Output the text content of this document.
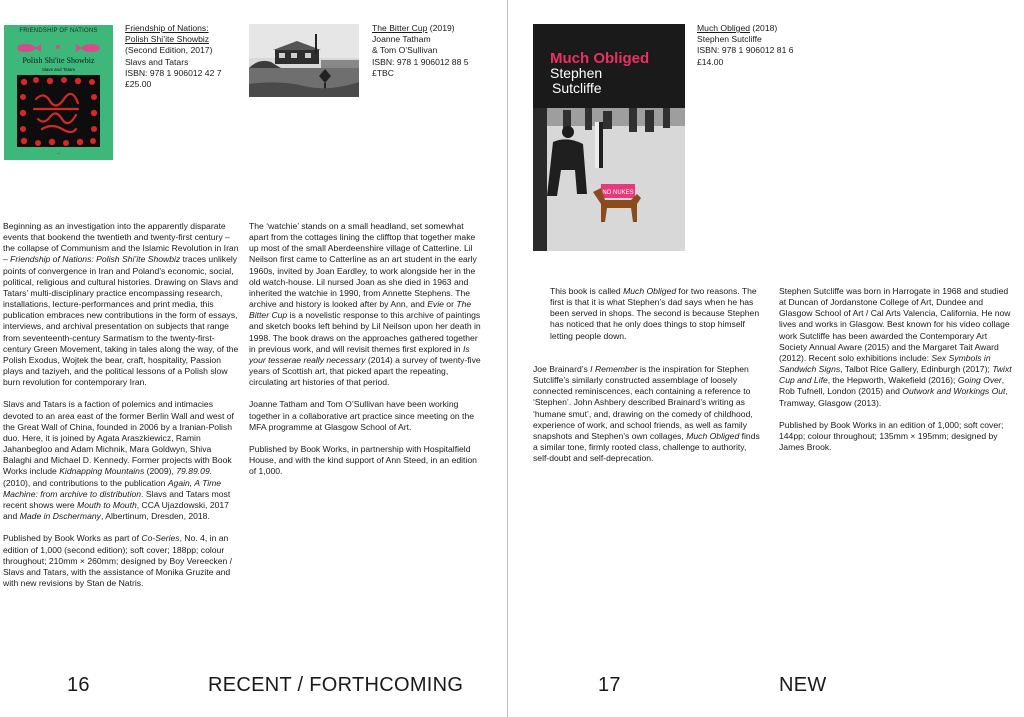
FRIENDSHIP OF NATIONS
Polish Shi'ite Showbiz
Slavs and Tatars
—
Friendship of Nations:
Polish Shi’ite Showbiz
(Second Edition, 2017)
Slavs and Tatars
ISBN: 978 1 906012 42 7
£25.00
The Bitter Cup (2019)
Joanne Tatham
& Tom O’Sullivan
ISBN: 978 1 906012 88 5
£TBC
Much Obliged
Stephen
Sutcliffe
NO NUKES
Much Obliged (2018)
Stephen Sutcliffe
ISBN: 978 1 906012 81 6
£14.00

Beginning as an investigation into the apparently disparate events that bookend the twentieth and twenty-first century – the collapse of Communism and the Islamic Revolution in Iran – Friendship of Nations: Polish Shi’ite Showbiz traces unlikely points of convergence in Iran and Poland’s economic, social, political, religious and cultural histories. Drawing on Slavs and Tatars’ multi-disciplinary practice encompassing research, installations, lecture-performances and print media, this publication embraces new contributions in the form of essays, interviews, and archival presentation on subjects that range from seventeenth-century Sarmatism to the twenty-first-century Green Movement, taking in tales along the way, of the Polish Exodus, Wojtek the bear, craft, hospitality, Passion plays and taziyeh, and the political lessons of a Polish slow burn revolution for contemporary Iran.

Slavs and Tatars is a faction of polemics and intimacies devoted to an area east of the former Berlin Wall and west of the Great Wall of China, founded in 2006 by a Iranian-Polish duo. Here, it is joined by Agata Araszkiewicz, Ramin Jahanbegloo and Adam Michnik, Mara Goldwyn, Shiva Balaghi and Michael D. Kennedy. Former projects with Book Works include Kidnapping Mountains (2009), 79.89.09. (2010), and contributions to the publication Again, A Time Machine: from archive to distribution. Slavs and Tatars most recent shows were Mouth to Mouth, CCA Ujazdowski, 2017 and Made in Dschermany, Albertinum, Dresden, 2018.

Published by Book Works as part of Co-Series, No. 4, in an edition of 1,000 (second edition); soft cover; 188pp; colour throughout; 210mm × 260mm; designed by Boy Vereecken / Slavs and Tatars, with the assistance of Monika Gruzite and with new revisions by Stan de Natris.

The ‘watchie’ stands on a small headland, set somewhat apart from the cottages lining the clifftop that together make up most of the small Aberdeenshire village of Catterline. Lil Neilson first came to Catterline as an art student in the early 1960s, invited by Joan Eardley, to work alongside her in the old watch-house. Lil nursed Joan as she died in 1963 and inherited the watchie in 1990, from Annette Stephens. The archive and history is looked after by Ann, and Evie or The Bitter Cup is a novelistic response to this archive of paintings and sketch books left behind by Lil Neilson upon her death in 1998. The book draws on the approaches gathered together in previous work, and will revisit themes first explored in Is your tesserae really necessary (2014) a survey of twenty-five years of Scottish art, that picked apart the repeating, circulating art histories of that period.

Joanne Tatham and Tom O’Sullivan have been working together in a collaborative art practice since meeting on the MFA programme at Glasgow School of Art.

Published by Book Works, in partnership with Hospitalfield House, and with the kind support of Ann Steed, in an edition of 1,000.

This book is called Much Obliged for two reasons. The first is that it is what Stephen’s dad says when he has been served in shops. The second is because Stephen has noticed that he only does things to stop himself letting people down.

Joe Brainard’s I Remember is the inspiration for Stephen Sutcliffe’s similarly constructed assemblage of loosely connected reminiscences, each containing a reference to ‘Stephen’. John Ashbery described Brainard’s writing as ‘humane smut’, and, drawing on the comedy of childhood, experience of work, and school friends, as well as family snapshots and Stephen’s own collages, Much Obliged finds a similar tone, firmly rooted class, challenge to authority, self-doubt and self-deprecation.

Stephen Sutcliffe was born in Harrogate in 1968 and studied at Duncan of Jordanstone College of Art, Dundee and Glasgow School of Art / Cal Arts Valencia, California. He now lives and works in Glasgow. Best known for his video collage work Sutcliffe has been awarded the Contemporary Art Society Annual Aware (2015) and the Margaret Tait Award (2012). Recent solo exhibitions include: Sex Symbols in Sandwich Signs, Talbot Rice Gallery, Edinburgh (2017); Twixt Cup and Life, the Hepworth, Wakefield (2016); Going Over, Rob Tufnell, London (2015) and Outwork and Workings Out, Tramway, Glasgow (2013).

Published by Book Works in an edition of 1,000; soft cover; 144pp; colour throughout; 135mm × 195mm; designed by James Brook.

16	RECENT / FORTHCOMING	17	NEW
